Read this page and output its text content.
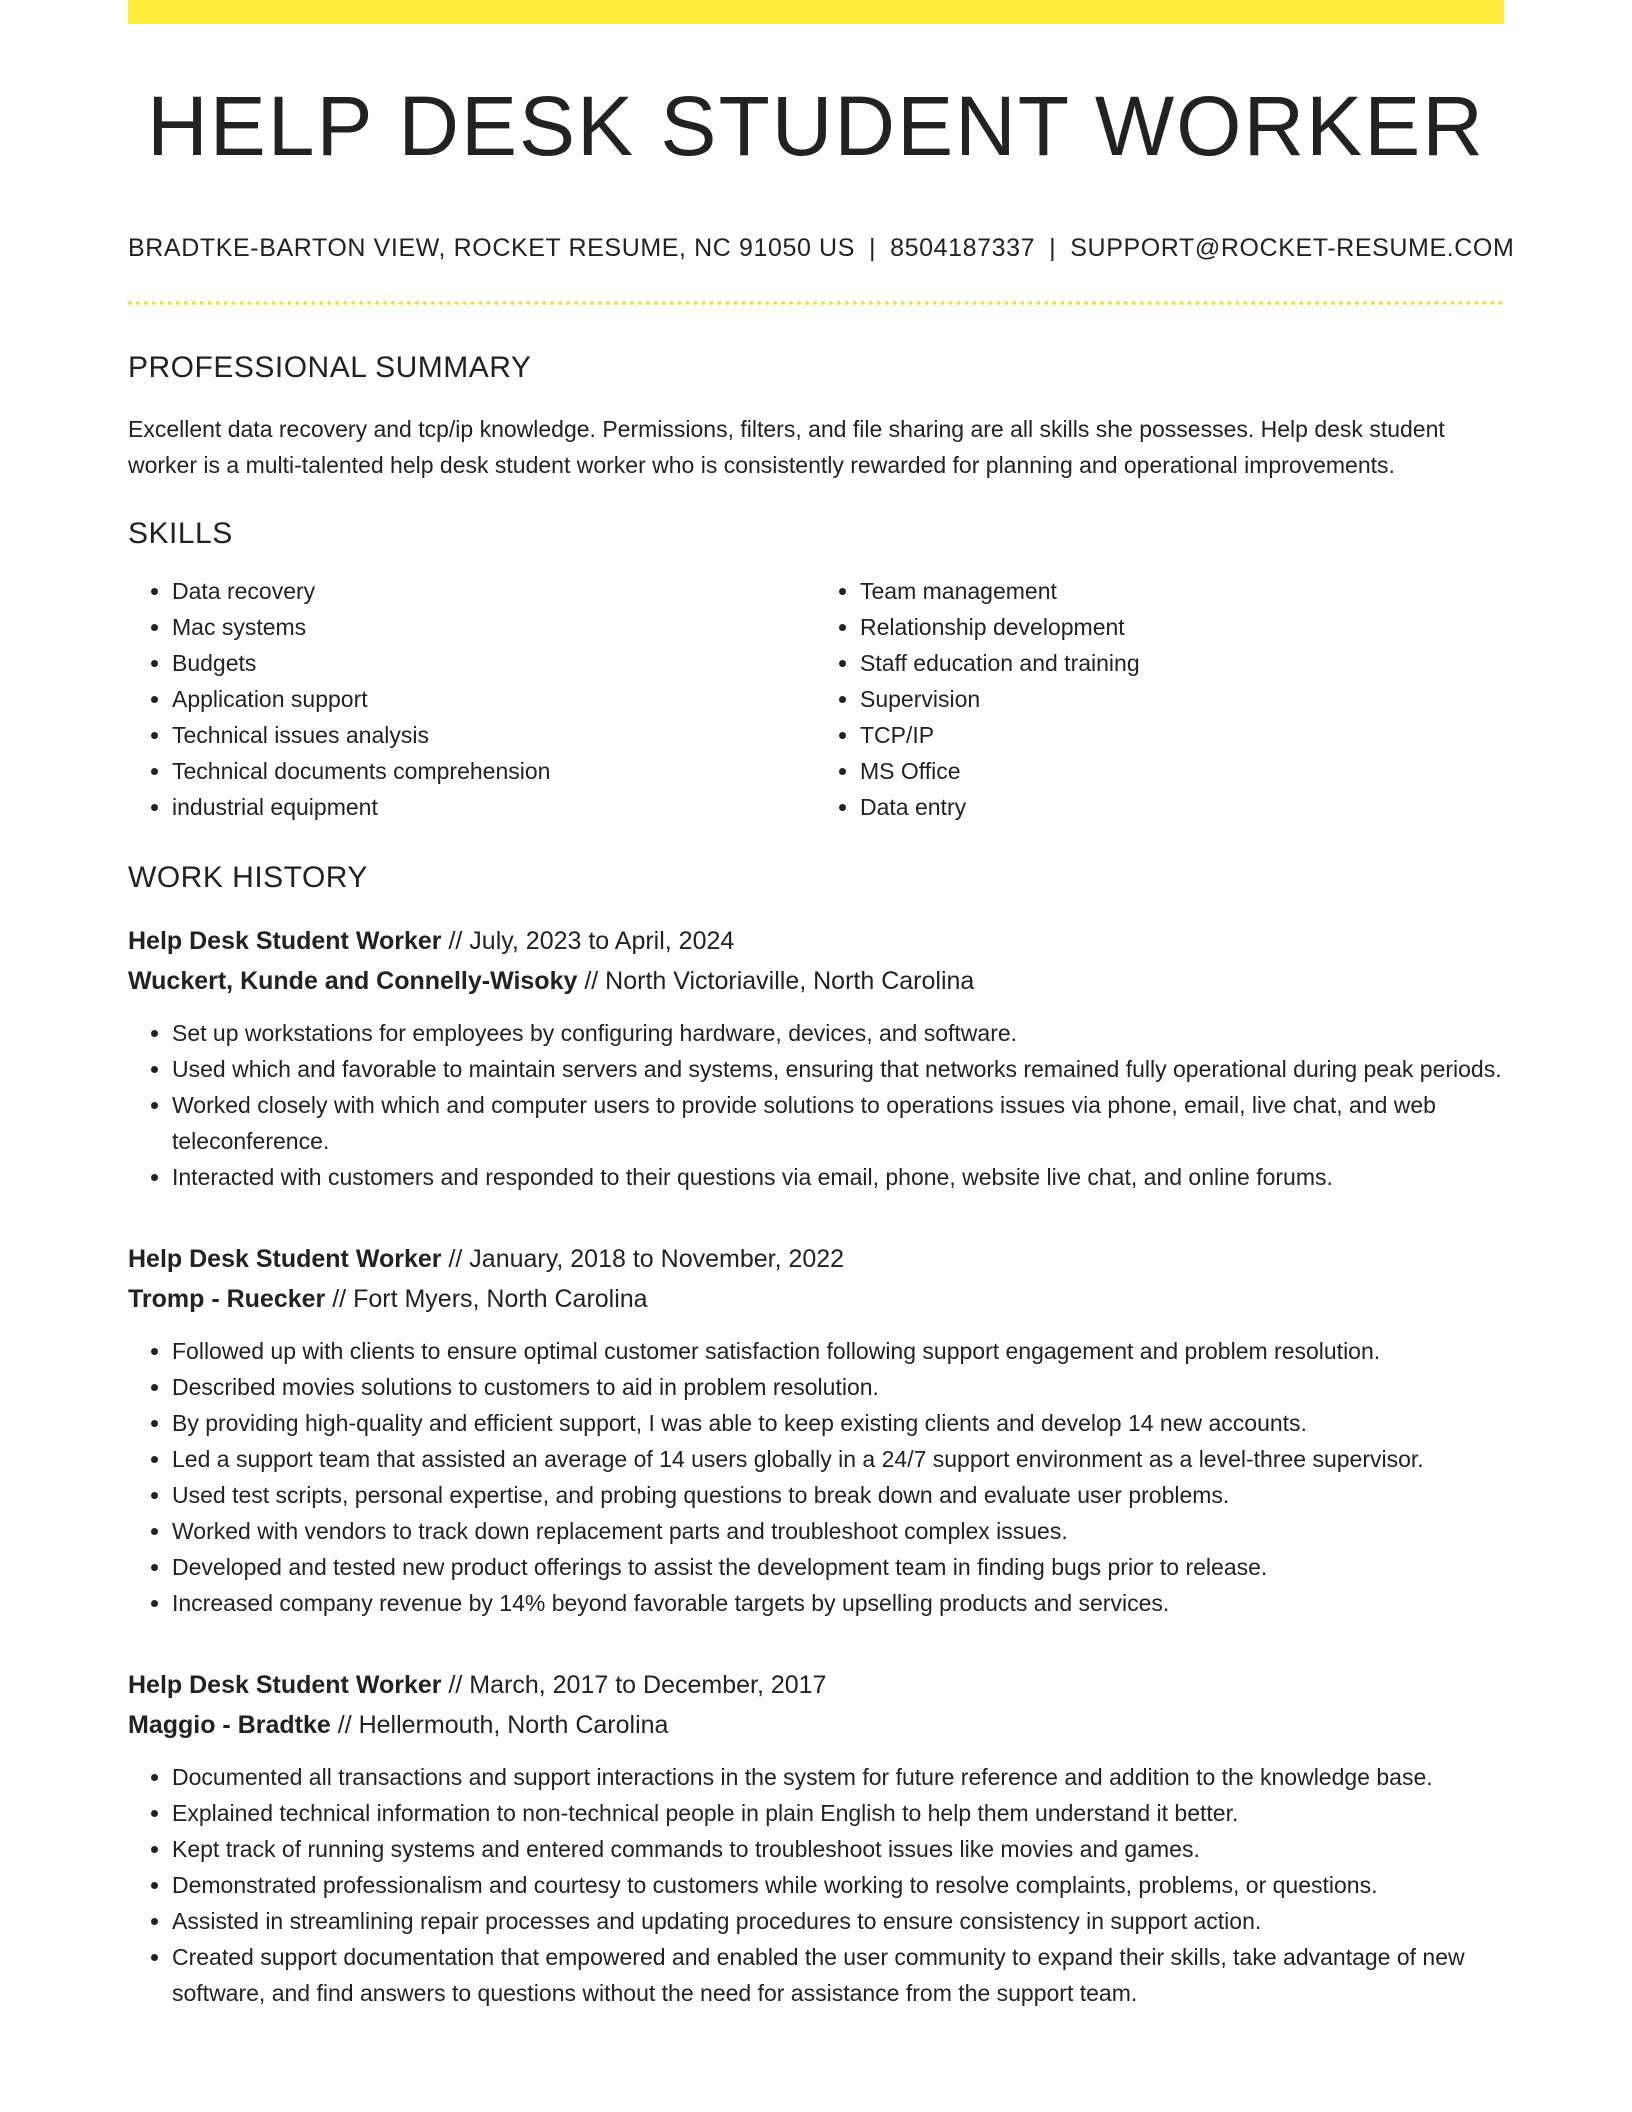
HELP DESK STUDENT WORKER
BRADTKE-BARTON VIEW, ROCKET RESUME, NC 91050 US | 8504187337 | SUPPORT@ROCKET-RESUME.COM
PROFESSIONAL SUMMARY
Excellent data recovery and tcp/ip knowledge. Permissions, filters, and file sharing are all skills she possesses. Help desk student worker is a multi-talented help desk student worker who is consistently rewarded for planning and operational improvements.
SKILLS
• Data recovery
• Mac systems
• Budgets
• Application support
• Technical issues analysis
• Technical documents comprehension
• industrial equipment
• Team management
• Relationship development
• Staff education and training
• Supervision
• TCP/IP
• MS Office
• Data entry
WORK HISTORY
Help Desk Student Worker // July, 2023 to April, 2024
Wuckert, Kunde and Connelly-Wisoky // North Victoriaville, North Carolina
• Set up workstations for employees by configuring hardware, devices, and software.
• Used which and favorable to maintain servers and systems, ensuring that networks remained fully operational during peak periods.
• Worked closely with which and computer users to provide solutions to operations issues via phone, email, live chat, and web teleconference.
• Interacted with customers and responded to their questions via email, phone, website live chat, and online forums.
Help Desk Student Worker // January, 2018 to November, 2022
Tromp - Ruecker // Fort Myers, North Carolina
• Followed up with clients to ensure optimal customer satisfaction following support engagement and problem resolution.
• Described movies solutions to customers to aid in problem resolution.
• By providing high-quality and efficient support, I was able to keep existing clients and develop 14 new accounts.
• Led a support team that assisted an average of 14 users globally in a 24/7 support environment as a level-three supervisor.
• Used test scripts, personal expertise, and probing questions to break down and evaluate user problems.
• Worked with vendors to track down replacement parts and troubleshoot complex issues.
• Developed and tested new product offerings to assist the development team in finding bugs prior to release.
• Increased company revenue by 14% beyond favorable targets by upselling products and services.
Help Desk Student Worker // March, 2017 to December, 2017
Maggio - Bradtke // Hellermouth, North Carolina
• Documented all transactions and support interactions in the system for future reference and addition to the knowledge base.
• Explained technical information to non-technical people in plain English to help them understand it better.
• Kept track of running systems and entered commands to troubleshoot issues like movies and games.
• Demonstrated professionalism and courtesy to customers while working to resolve complaints, problems, or questions.
• Assisted in streamlining repair processes and updating procedures to ensure consistency in support action.
• Created support documentation that empowered and enabled the user community to expand their skills, take advantage of new software, and find answers to questions without the need for assistance from the support team.
